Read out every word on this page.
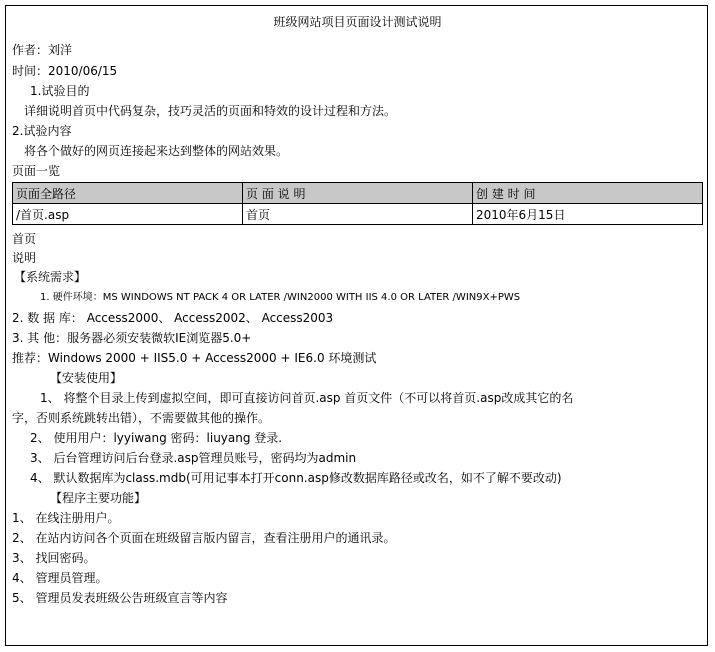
班级网站项目页面设计测试说明
作者：刘洋
时间：2010/06/15
1.试验目的
详细说明首页中代码复杂，技巧灵活的页面和特效的设计过程和方法。
2.试验内容
将各个做好的网页连接起来达到整体的网站效果。
页面一览
页面全路径	页 面 说 明	创 建 时 间
/首页.asp	首页	2010年6月15日
首页
说明
【系统需求】
1. 硬件环境：MS WINDOWS NT PACK 4 OR LATER /WIN2000 WITH IIS 4.0 OR LATER /WIN9X+PWS
2. 数 据 库： Access2000、 Access2002、 Access2003
3. 其 他：服务器必须安装微软IE浏览器5.0+
推荐：Windows 2000 + IIS5.0 + Access2000 + IE6.0 环境测试
【安装使用】
1、 将整个目录上传到虚拟空间，即可直接访问首页.asp 首页文件（不可以将首页.asp改成其它的名
字，否则系统跳转出错），不需要做其他的操作。
2、 使用用户：lyyiwang 密码：liuyang 登录.
3、 后台管理访问后台登录.asp管理员账号，密码均为admin
4、 默认数据库为class.mdb(可用记事本打开conn.asp修改数据库路径或改名，如不了解不要改动)
【程序主要功能】
1、 在线注册用户。
2、 在站内访问各个页面在班级留言版内留言，查看注册用户的通讯录。
3、 找回密码。
4、 管理员管理。
5、 管理员发表班级公告班级宣言等内容
